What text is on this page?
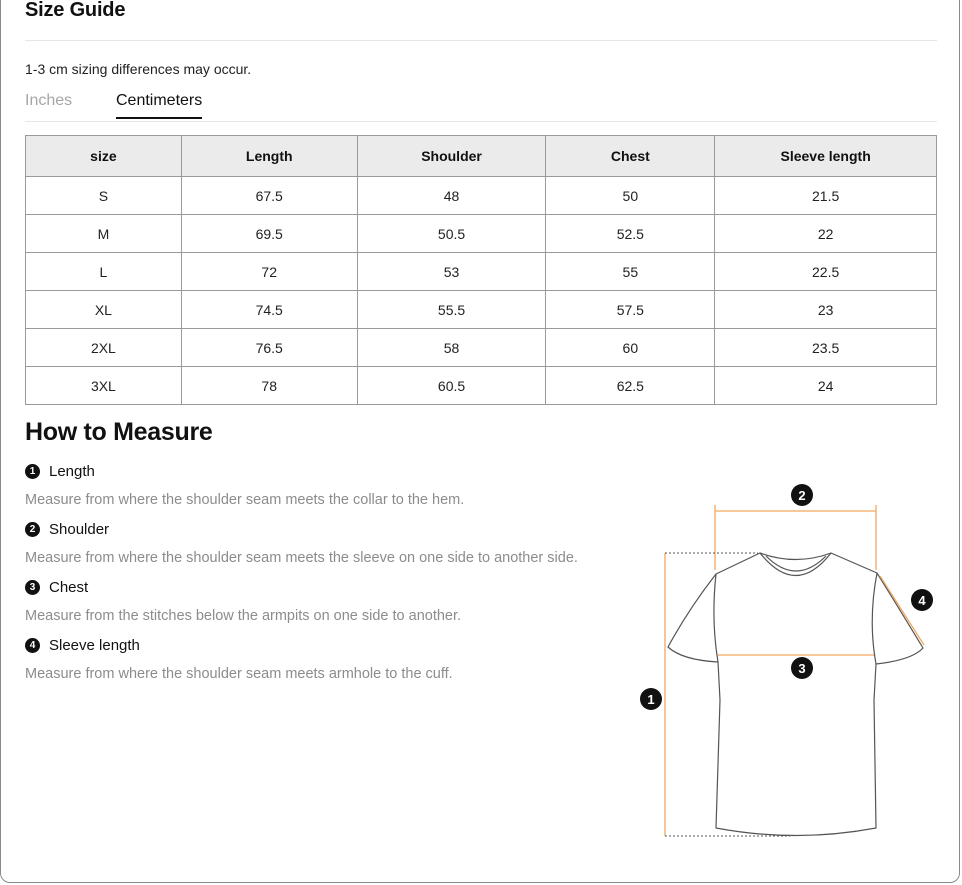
Size Guide
1-3 cm sizing differences may occur.
Inches	Centimeters
size	Length	Shoulder	Chest	Sleeve length
S	67.5	48	50	21.5
M	69.5	50.5	52.5	22
L	72	53	55	22.5
XL	74.5	55.5	57.5	23
2XL	76.5	58	60	23.5
3XL	78	60.5	62.5	24
How to Measure
1 Length
Measure from where the shoulder seam meets the collar to the hem.
2 Shoulder
Measure from where the shoulder seam meets the sleeve on one side to another side.
3 Chest
Measure from the stitches below the armpits on one side to another.
4 Sleeve length
Measure from where the shoulder seam meets armhole to the cuff.
1
2
3
4
